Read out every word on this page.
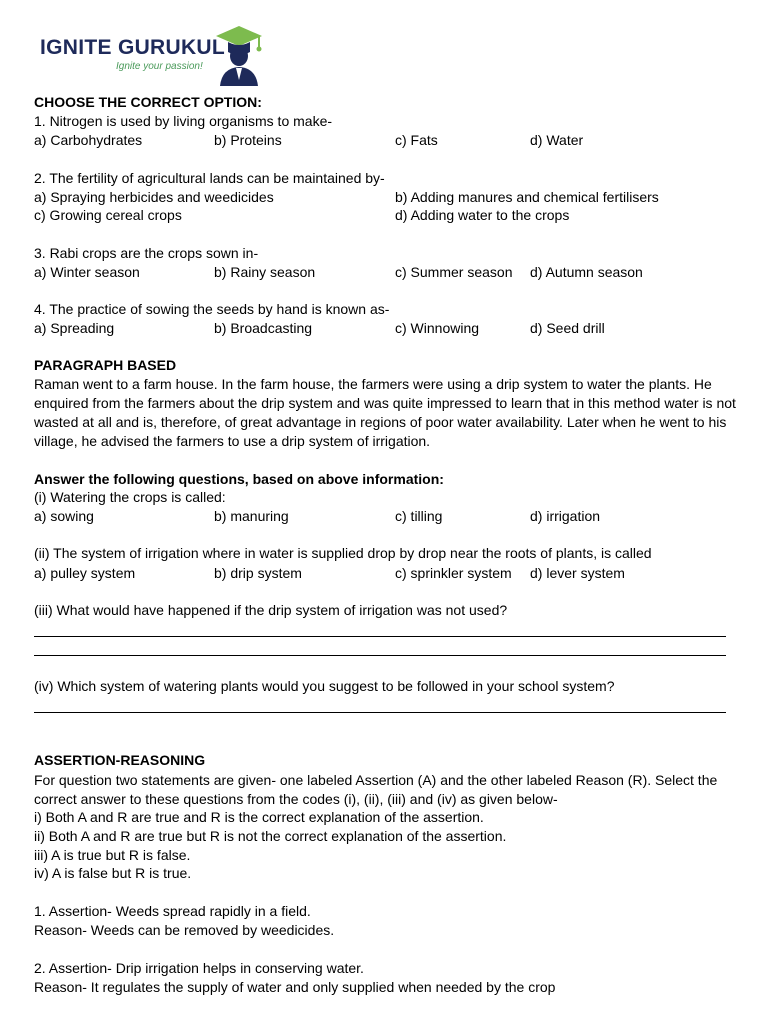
IGNITE GURUKUL
Ignite your passion!
CHOOSE THE CORRECT OPTION:
1. Nitrogen is used by living organisms to make-
a) Carbohydrates	b) Proteins	c) Fats	d) Water
2. The fertility of agricultural lands can be maintained by-
a) Spraying herbicides and weedicides	b) Adding manures and chemical fertilisers
c) Growing cereal crops	d) Adding water to the crops
3. Rabi crops are the crops sown in-
a) Winter season	b) Rainy season	c) Summer season d) Autumn season
4. The practice of sowing the seeds by hand is known as-
a) Spreading	b) Broadcasting	c) Winnowing	d) Seed drill
PARAGRAPH BASED
Raman went to a farm house. In the farm house, the farmers were using a drip system to water the plants. He
enquired from the farmers about the drip system and was quite impressed to learn that in this method water is not
wasted at all and is, therefore, of great advantage in regions of poor water availability. Later when he went to his
village, he advised the farmers to use a drip system of irrigation.
Answer the following questions, based on above information:
(i) Watering the crops is called:
a) sowing	b) manuring	c) tilling	d) irrigation
(ii) The system of irrigation where in water is supplied drop by drop near the roots of plants, is called
a) pulley system	b) drip system	c) sprinkler system d) lever system
(iii) What would have happened if the drip system of irrigation was not used?
(iv) Which system of watering plants would you suggest to be followed in your school system?
ASSERTION-REASONING
For question two statements are given- one labeled Assertion (A) and the other labeled Reason (R). Select the
correct answer to these questions from the codes (i), (ii), (iii) and (iv) as given below-
i) Both A and R are true and R is the correct explanation of the assertion.
ii) Both A and R are true but R is not the correct explanation of the assertion.
iii) A is true but R is false.
iv) A is false but R is true.
1. Assertion- Weeds spread rapidly in a field.
Reason- Weeds can be removed by weedicides.
2. Assertion- Drip irrigation helps in conserving water.
Reason- It regulates the supply of water and only supplied when needed by the crop
